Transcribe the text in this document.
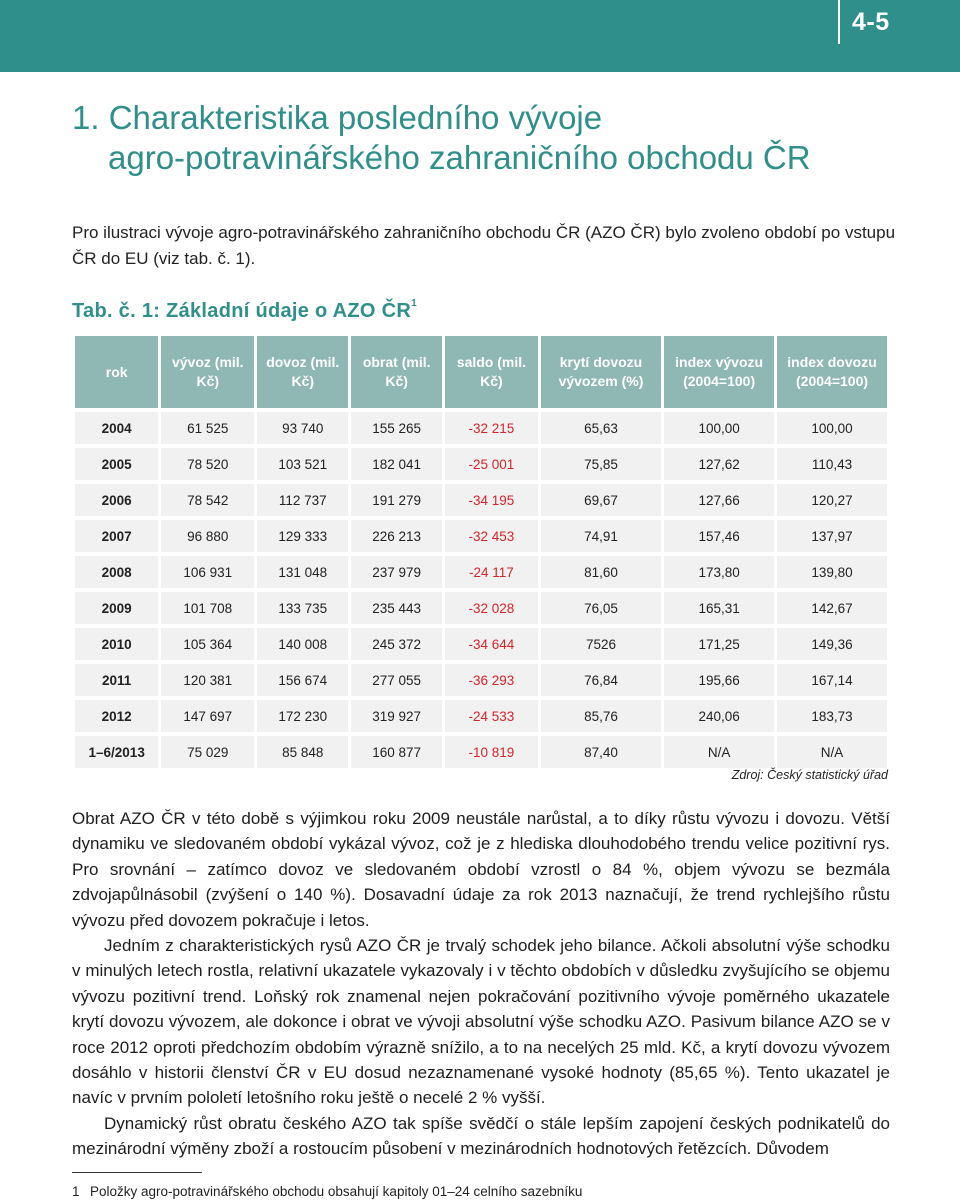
4-5
1. Charakteristika posledního vývoje
agro-potravinářského zahraničního obchodu ČR

Pro ilustraci vývoje agro-potravinářského zahraničního obchodu ČR (AZO ČR) bylo zvoleno období po vstupu ČR do EU (viz tab. č. 1).

Tab. č. 1: Základní údaje o AZO $ČR^1$
rok	vývoz (mil. Kč)	dovoz (mil. Kč)	obrat (mil. Kč)	saldo (mil. Kč)	krytí dovozu vývozem (%)	index vývozu (2004=100)	index dovozu (2004=100)
2004	61 525	93 740	155 265	-32 215	65,63	100,00	100,00
2005	78 520	103 521	182 041	-25 001	75,85	127,62	110,43
2006	78 542	112 737	191 279	-34 195	69,67	127,66	120,27
2007	96 880	129 333	226 213	-32 453	74,91	157,46	137,97
2008	106 931	131 048	237 979	-24 117	81,60	173,80	139,80
2009	101 708	133 735	235 443	-32 028	76,05	165,31	142,67
2010	105 364	140 008	245 372	-34 644	7526	171,25	149,36
2011	120 381	156 674	277 055	-36 293	76,84	195,66	167,14
2012	147 697	172 230	319 927	-24 533	85,76	240,06	183,73
1–6/2013	75 029	85 848	160 877	-10 819	87,40	N/A	N/A
Zdroj: Český statistický úřad

Obrat AZO ČR v této době s výjimkou roku 2009 neustále narůstal, a to díky růstu vývozu i dovozu. Větší dynamiku ve sledovaném období vykázal vývoz, což je z hlediska dlouhodobého trendu velice pozitivní rys. Pro srovnání – zatímco dovoz ve sledovaném období vzrostl o 84 %, objem vývozu se bezmála zdvojapůlnásobil (zvýšení o 140 %). Dosavadní údaje za rok 2013 naznačují, že trend rychlejšího růstu vývozu před dovozem pokračuje i letos.

Jedním z charakteristických rysů AZO ČR je trvalý schodek jeho bilance. Ačkoli absolutní výše schodku v minulých letech rostla, relativní ukazatele vykazovaly i v těchto obdobích v důsledku zvyšujícího se objemu vývozu pozitivní trend. Loňský rok znamenal nejen pokračování pozitivního vývoje poměrného ukazatele krytí dovozu vývozem, ale dokonce i obrat ve vývoji absolutní výše schodku AZO. Pasivum bilance AZO se v roce 2012 oproti předchozím obdobím výrazně snížilo, a to na necelých 25 mld. Kč, a krytí dovozu vývozem dosáhlo v historii členství ČR v EU dosud nezaznamenané vysoké hodnoty (85,65 %). Tento ukazatel je navíc v prvním pololetí letošního roku ještě o necelé 2 % vyšší.

Dynamický růst obratu českého AZO tak spíše svědčí o stále lepším zapojení českých podnikatelů do mezinárodní výměny zboží a rostoucím působení v mezinárodních hodnotových řetězcích. Důvodem

1 Položky agro-potravinářského obchodu obsahují kapitoly 01–24 celního sazebníku
